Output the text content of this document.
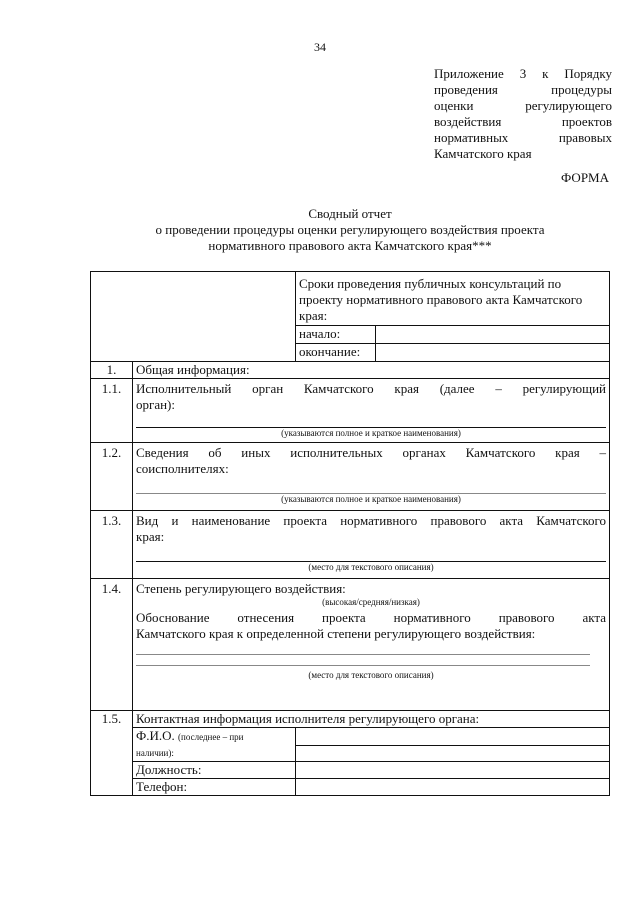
34
Приложение 3 к Порядку
проведения процедуры
оценки регулирующего
воздействия проектов
нормативных правовых
Камчатского края
ФОРМА
Сводный отчет
о проведении процедуры оценки регулирующего воздействия проекта
нормативного правового акта Камчатского края***

		Сроки проведения публичных консультаций по
проекту нормативного правового акта Камчатского
края:	

		начало:	
		окончание:	
1.	Общая информация:		
1.1.	Исполнительный орган Камчатского края (далее – регулирующий
орган):
(указываются полное и краткое наименования)		

1.2.	Сведения об иных исполнительных органах Камчатского края –
соисполнителях:
(указываются полное и краткое наименования)		

1.3.	Вид и наименование проекта нормативного правового акта Камчатского
края:
(место для текстового описания)		

1.4.	Степень регулирующего воздействия:
(высокая/средняя/низкая)
Обоснование отнесения проекта нормативного правового акта
Камчатского края к определенной степени регулирующего воздействия:
(место для текстового описания)		

1.5.	Контактная информация исполнителя регулирующего органа:		

	Ф.И.О. (последнее – при
наличии):		

	Должность:		
	Телефон:		
